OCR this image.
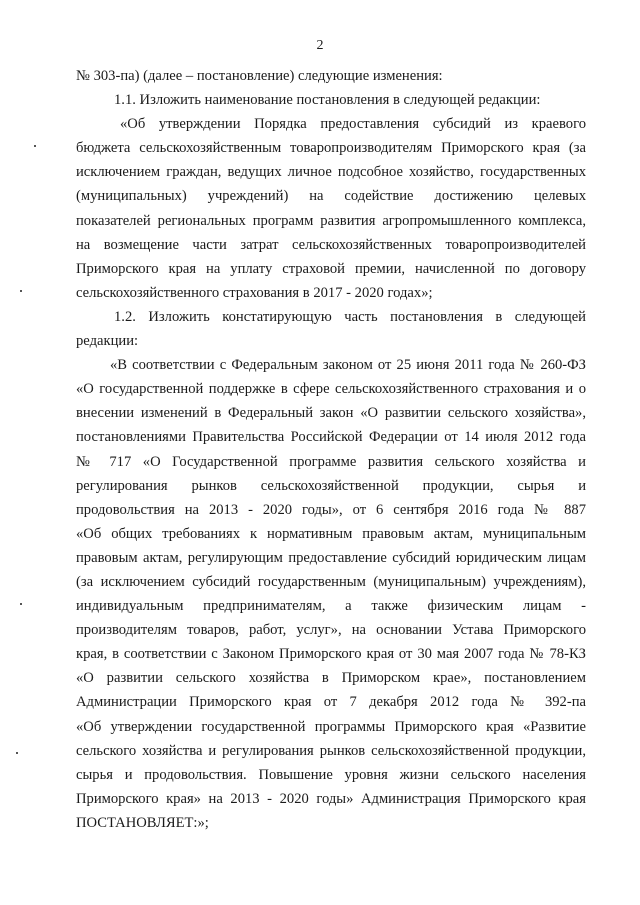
2
№ 303-па) (далее – постановление) следующие изменения:
1.1. Изложить наименование постановления в следующей редакции:
«Об утверждении Порядка предоставления субсидий из краевого
бюджета сельскохозяйственным товаропроизводителям Приморского края (за
исключением граждан, ведущих личное подсобное хозяйство, государственных
(муниципальных) учреждений) на содействие достижению целевых
показателей региональных программ развития агропромышленного комплекса,
на возмещение части затрат сельскохозяйственных товаропроизводителей
Приморского края на уплату страховой премии, начисленной по договору
сельскохозяйственного страхования в 2017 - 2020 годах»;
1.2. Изложить констатирующую часть постановления в следующей
редакции:
«В соответствии с Федеральным законом от 25 июня 2011 года № 260-ФЗ
«О государственной поддержке в сфере сельскохозяйственного страхования и о
внесении изменений в Федеральный закон «О развитии сельского хозяйства»,
постановлениями Правительства Российской Федерации от 14 июля 2012 года
№ 717 «О Государственной программе развития сельского хозяйства и
регулирования рынков сельскохозяйственной продукции, сырья и
продовольствия на 2013 - 2020 годы», от 6 сентября 2016 года № 887
«Об общих требованиях к нормативным правовым актам, муниципальным
правовым актам, регулирующим предоставление субсидий юридическим лицам
(за исключением субсидий государственным (муниципальным) учреждениям),
индивидуальным предпринимателям, а также физическим лицам -
производителям товаров, работ, услуг», на основании Устава Приморского
края, в соответствии с Законом Приморского края от 30 мая 2007 года № 78-КЗ
«О развитии сельского хозяйства в Приморском крае», постановлением
Администрации Приморского края от 7 декабря 2012 года № 392-па
«Об утверждении государственной программы Приморского края «Развитие
сельского хозяйства и регулирования рынков сельскохозяйственной продукции,
сырья и продовольствия. Повышение уровня жизни сельского населения
Приморского края» на 2013 - 2020 годы» Администрация Приморского края
ПОСТАНОВЛЯЕТ:»;
